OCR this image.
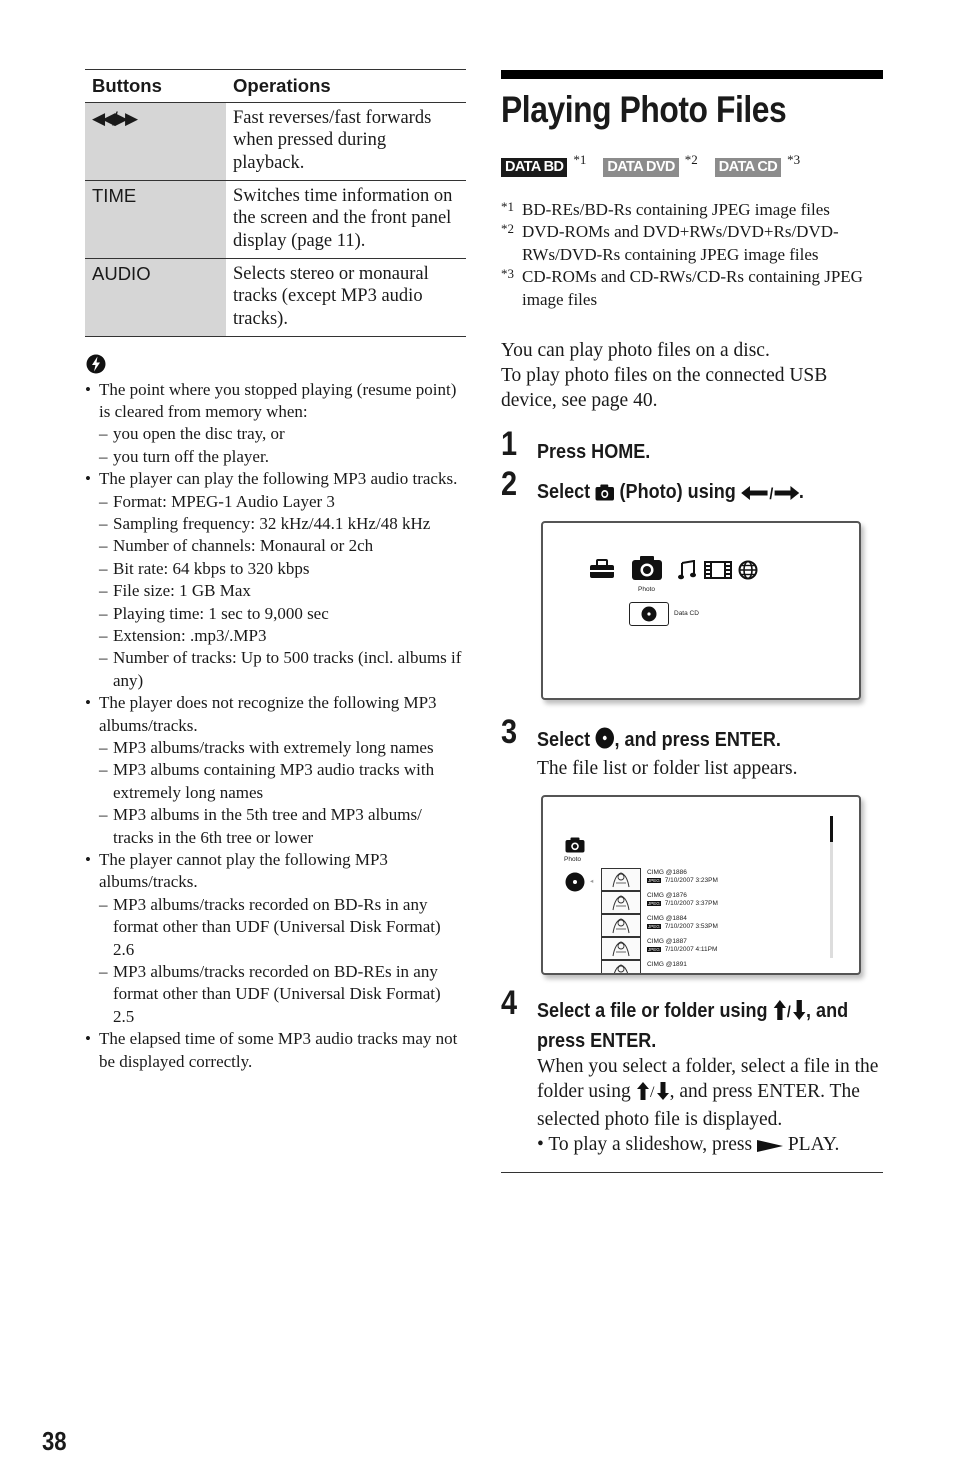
Buttons	Operations
◀◀/▶▶	Fast reverses/fast forwards when pressed during playback.
TIME	Switches time information on the screen and the front panel display (page 11).
AUDIO	Selects stereo or monaural tracks (except MP3 audio tracks).
• The point where you stopped playing (resume point) is cleared from memory when:
– you open the disc tray, or
– you turn off the player.
• The player can play the following MP3 audio tracks.
– Format: MPEG-1 Audio Layer 3
– Sampling frequency: 32 kHz/44.1 kHz/48 kHz
– Number of channels: Monaural or 2ch
– Bit rate: 64 kbps to 320 kbps
– File size: 1 GB Max
– Playing time: 1 sec to 9,000 sec
– Extension: .mp3/.MP3
– Number of tracks: Up to 500 tracks (incl. albums if any)
• The player does not recognize the following MP3 albums/tracks.
– MP3 albums/tracks with extremely long names
– MP3 albums containing MP3 audio tracks with extremely long names
– MP3 albums in the 5th tree and MP3 albums/ tracks in the 6th tree or lower
• The player cannot play the following MP3 albums/tracks.
– MP3 albums/tracks recorded on BD-Rs in any format other than UDF (Universal Disk Format) 2.6
– MP3 albums/tracks recorded on BD-REs in any format other than UDF (Universal Disk Format) 2.5
• The elapsed time of some MP3 audio tracks may not be displayed correctly.
Playing Photo Files
DATA BD *1 DATA DVD *2 DATA CD *3
*1 BD-REs/BD-Rs containing JPEG image files
*2 DVD-ROMs and DVD+RWs/DVD+Rs/DVD-RWs/DVD-Rs containing JPEG image files
*3 CD-ROMs and CD-RWs/CD-Rs containing JPEG image files
You can play photo files on a disc.
To play photo files on the connected USB device, see page 40.
1 Press HOME.
2 Select (Photo) using / .
Photo
Data CD
3 Select , and press ENTER.
The file list or folder list appears.
Photo
◂
CIMG @1886
JPEG 7/10/2007 3:23PM
CIMG @1876
JPEG 7/10/2007 3:37PM
CIMG @1884
JPEG 7/10/2007 3:53PM
CIMG @1887
JPEG 7/10/2007 4:11PM
CIMG @1891
4 Select a file or folder using / , and press ENTER.
When you select a folder, select a file in the folder using / , and press ENTER. The selected photo file is displayed.
• To play a slideshow, press PLAY.
38
